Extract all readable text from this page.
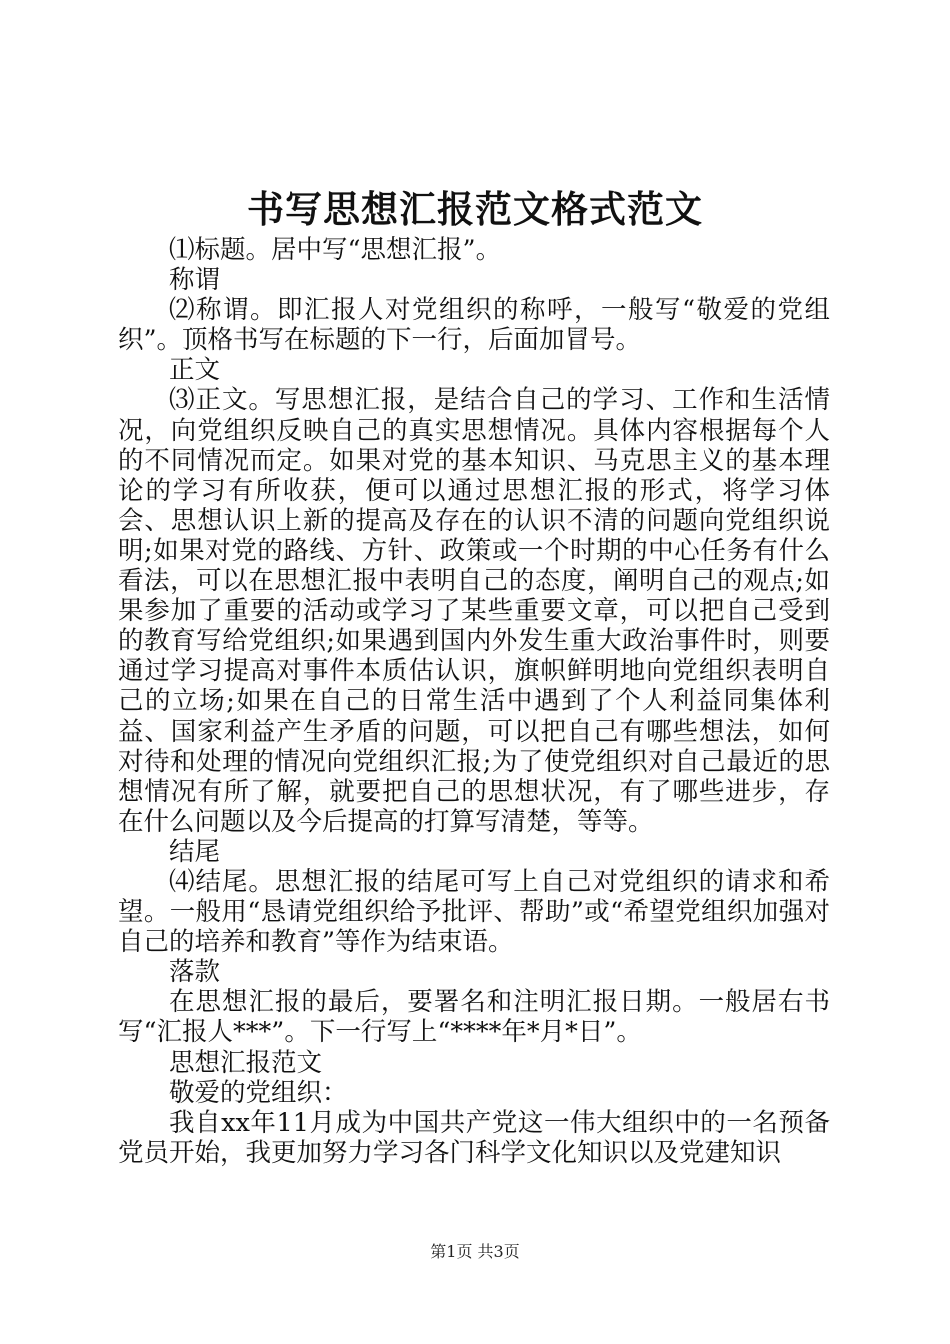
书写思想汇报范文格式范文

⑴标题。居中写“思想汇报”。

称谓

⑵称谓。即汇报人对党组织的称呼，一般写“敬爱的党组织”。顶格书写在标题的下一行，后面加冒号。

正文

⑶正文。写思想汇报，是结合自己的学习、工作和生活情况，向党组织反映自己的真实思想情况。具体内容根据每个人的不同情况而定。如果对党的基本知识、马克思主义的基本理论的学习有所收获，便可以通过思想汇报的形式，将学习体会、思想认识上新的提高及存在的认识不清的问题向党组织说明;如果对党的路线、方针、政策或一个时期的中心任务有什么看法，可以在思想汇报中表明自己的态度，阐明自己的观点;如果参加了重要的活动或学习了某些重要文章，可以把自己受到的教育写给党组织;如果遇到国内外发生重大政治事件时，则要通过学习提高对事件本质估认识，旗帜鲜明地向党组织表明自己的立场;如果在自己的日常生活中遇到了个人利益同集体利益、国家利益产生矛盾的问题，可以把自己有哪些想法，如何对待和处理的情况向党组织汇报;为了使党组织对自己最近的思想情况有所了解，就要把自己的思想状况，有了哪些进步，存在什么问题以及今后提高的打算写清楚，等等。

结尾

⑷结尾。思想汇报的结尾可写上自己对党组织的请求和希望。一般用“恳请党组织给予批评、帮助”或“希望党组织加强对自己的培养和教育”等作为结束语。

落款

在思想汇报的最后，要署名和注明汇报日期。一般居右书写“汇报人***”。下一行写上“****年*月*日”。

思想汇报范文

敬爱的党组织：

我自xx年11月成为中国共产党这一伟大组织中的一名预备党员开始，我更加努力学习各门科学文化知识以及党建知识

第1页 共3页
